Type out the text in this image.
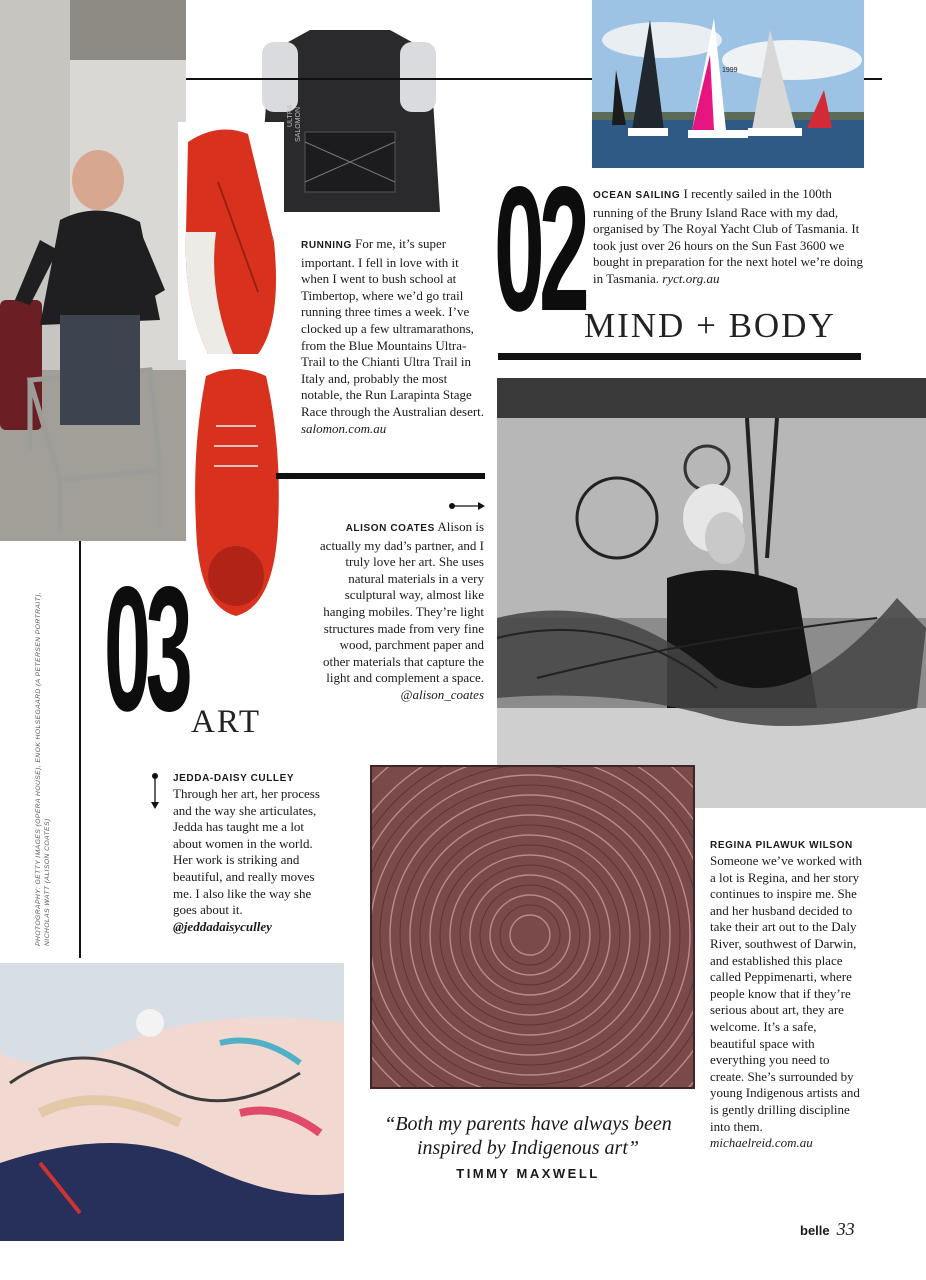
ULTRA SALOMON
1999
02 MIND + BODY
03 ART
RUNNING For me, it’s super important. I fell in love with it when I went to bush school at Timbertop, where we’d go trail running three times a week. I’ve clocked up a few ultramarathons, from the Blue Mountains Ultra-Trail to the Chianti Ultra Trail in Italy and, probably the most notable, the Run Larapinta Stage Race through the Australian desert. salomon.com.au
OCEAN SAILING I recently sailed in the 100th running of the Bruny Island Race with my dad, organised by The Royal Yacht Club of Tasmania. It took just over 26 hours on the Sun Fast 3600 we bought in preparation for the next hotel we’re doing in Tasmania. ryct.org.au
ALISON COATES Alison is actually my dad’s partner, and I truly love her art. She uses natural materials in a very sculptural way, almost like hanging mobiles. They’re light structures made from very fine wood, parchment paper and other materials that capture the light and complement a space.
@alison_coates
JEDDA-DAISY CULLEY
Through her art, her process and the way she articulates, Jedda has taught me a lot about women in the world. Her work is striking and beautiful, and really moves me. I also like the way she goes about it.
@jeddadaisyculley
REGINA PILAWUK WILSON
Someone we’ve worked with a lot is Regina, and her story continues to inspire me. She and her husband decided to take their art out to the Daly River, southwest of Darwin, and established this place called Peppimenarti, where people know that if they’re serious about art, they are welcome. It’s a safe, beautiful space with everything you need to create. She’s surrounded by young Indigenous artists and is gently drilling discipline into them. michaelreid.com.au
“Both my parents have always been inspired by Indigenous art”
TIMMY MAXWELL
PHOTOGRAPHY: GETTY IMAGES (OPERA HOUSE), ENOK HOLSEGAARD (A PETERSEN PORTRAIT), NICHOLAS WATT (ALISON COATES)
belle 33
